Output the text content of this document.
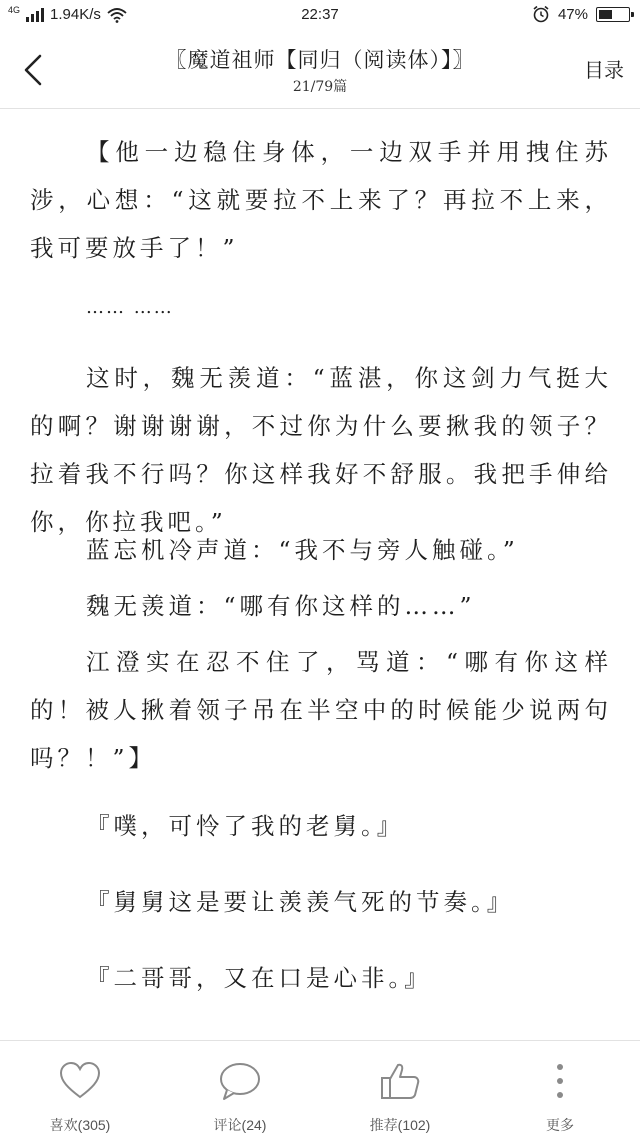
4G 1.94K/s	22:37	47%
〖魔道祖师【同归（阅读体）】〗
21/79篇
目录

【他一边稳住身体，一边双手并用拽住苏涉，心想：“这就要拉不上来了？再拉不上来，我可要放手了！”

…… ……

这时，魏无羡道：“蓝湛，你这剑力气挺大的啊？谢谢谢谢，不过你为什么要揪我的领子？拉着我不行吗？你这样我好不舒服。我把手伸给你，你拉我吧。”

蓝忘机冷声道：“我不与旁人触碰。”

魏无羡道：“哪有你这样的……”

江澄实在忍不住了，骂道：“哪有你这样的！被人揪着领子吊在半空中的时候能少说两句吗？！”】

『噗，可怜了我的老舅。』

『舅舅这是要让羡羡气死的节奏。』

『二哥哥，又在口是心非。』

喜欢(305)	评论(24)	推荐(102)	更多
